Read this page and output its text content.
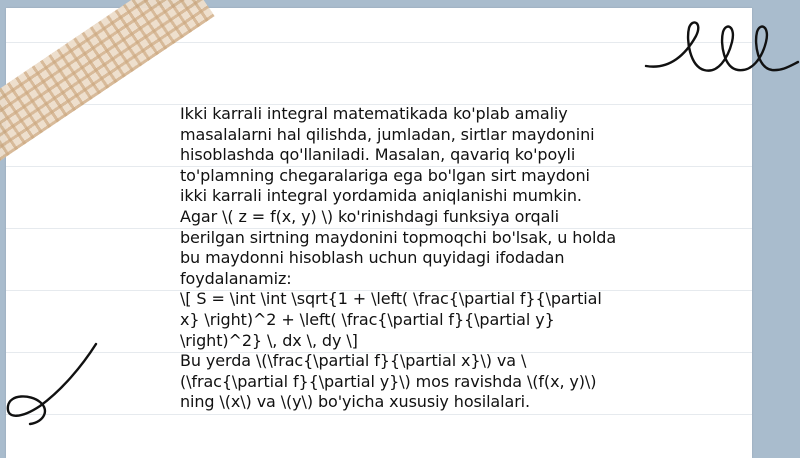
Ikki karrali integral matematikada ko'plab amaliy masalalarni hal qilishda, jumladan, sirtlar maydonini hisoblashda qo'llaniladi. Masalan, qavariq ko'poyli to'plamning chegaralariga ega bo'lgan sirt maydoni ikki karrali integral yordamida aniqlanishi mumkin. Agar \( z = f(x, y) \) ko'rinishdagi funksiya orqali berilgan sirtning maydonini topmoqchi bo'lsak, u holda bu maydonni hisoblash uchun quyidagi ifodadan foydalanamiz:

\[ S = \int \int \sqrt{1 + \left( \frac{\partial f}{\partial x} \right)^2 + \left( \frac{\partial f}{\partial y} \right)^2} \, dx \, dy \]

Bu yerda \(\frac{\partial f}{\partial x}\) va \(\frac{\partial f}{\partial y}\) mos ravishda \(f(x, y)\) ning \(x\) va \(y\) bo'yicha xususiy hosilalari.
